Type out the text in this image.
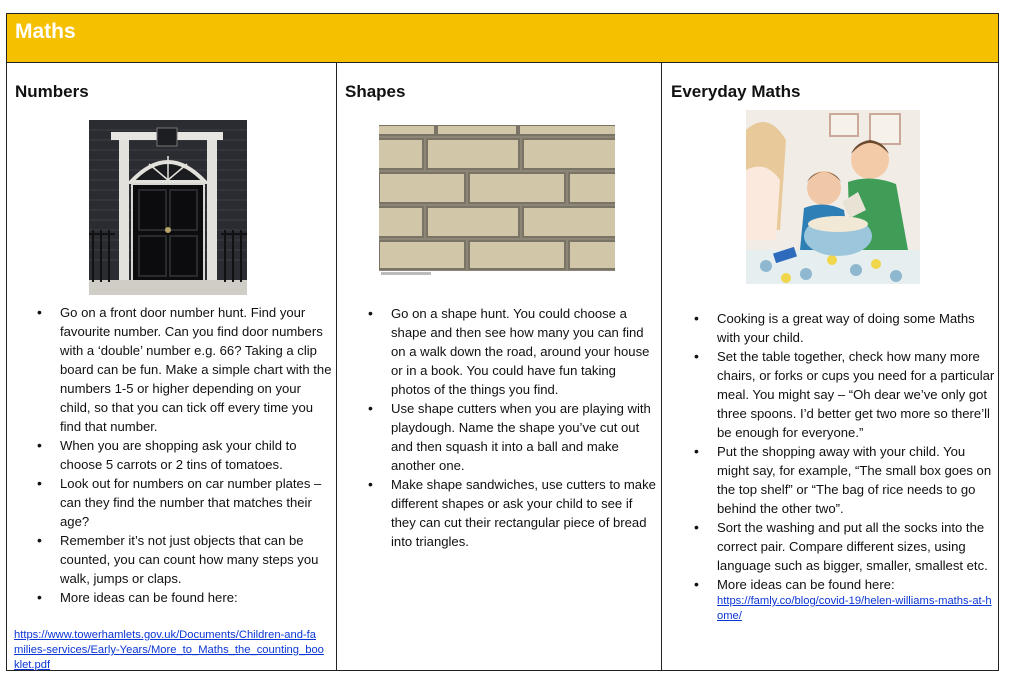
Maths
Numbers
• Go on a front door number hunt. Find your favourite number. Can you find door numbers with a ‘double’ number e.g. 66? Taking a clip board can be fun. Make a simple chart with the numbers 1-5 or higher depending on your child, so that you can tick off every time you find that number.
• When you are shopping ask your child to choose 5 carrots or 2 tins of tomatoes.
• Look out for numbers on car number plates – can they find the number that matches their age?
• Remember it’s not just objects that can be counted, you can count how many steps you walk, jumps or claps.
• More ideas can be found here:
https://www.towerhamlets.gov.uk/Documents/Children-and-families-services/Early-Years/More_to_Maths_the_counting_booklet.pdf
Shapes
• Go on a shape hunt. You could choose a shape and then see how many you can find on a walk down the road, around your house or in a book. You could have fun taking photos of the things you find.
• Use shape cutters when you are playing with playdough. Name the shape you’ve cut out and then squash it into a ball and make another one.
• Make shape sandwiches, use cutters to make different shapes or ask your child to see if they can cut their rectangular piece of bread into triangles.
Everyday Maths
• Cooking is a great way of doing some Maths with your child.
• Set the table together, check how many more chairs, or forks or cups you need for a particular meal. You might say – “Oh dear we’ve only got three spoons. I’d better get two more so there’ll be enough for everyone.”
• Put the shopping away with your child. You might say, for example, “The small box goes on the top shelf” or “The bag of rice needs to go behind the other two”.
• Sort the washing and put all the socks into the correct pair. Compare different sizes, using language such as bigger, smaller, smallest etc.
• More ideas can be found here:
https://famly.co/blog/covid-19/helen-williams-maths-at-home/
